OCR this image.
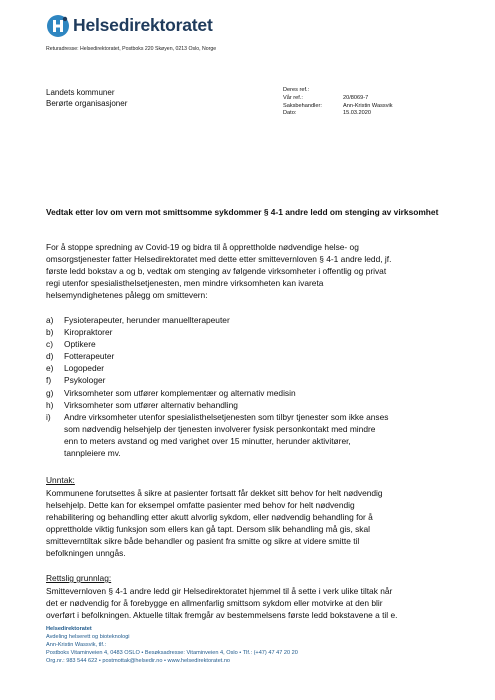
Helsedirektoratet
Returadresse: Helsedirektoratet, Postboks 220 Skøyen, 0213 Oslo, Norge
Landets kommuner
Berørte organisasjoner
Deres ref.:
Vår ref.:	20/8069-7
Saksbehandler:	Ann-Kristin Wassvik
Dato:	15.03.2020
Vedtak etter lov om vern mot smittsomme sykdommer § 4-1 andre ledd om stenging av virksomhet
For å stoppe spredning av Covid-19 og bidra til å opprettholde nødvendige helse- og
omsorgstjenester fatter Helsedirektoratet med dette etter smittevernloven § 4-1 andre ledd, jf.
første ledd bokstav a og b, vedtak om stenging av følgende virksomheter i offentlig og privat
regi utenfor spesialisthelsetjenesten, men mindre virksomheten kan ivareta
helsemyndighetenes pålegg om smittevern:
a)	Fysioterapeuter, herunder manuellterapeuter
b)	Kiropraktorer
c)	Optikere
d)	Fotterapeuter
e)	Logopeder
f)	Psykologer
g)	Virksomheter som utfører komplementær og alternativ medisin
h)	Virksomheter som utfører alternativ behandling
i)	Andre virksomheter utenfor spesialisthelsetjenesten som tilbyr tjenester som ikke anses
som nødvendig helsehjelp der tjenesten involverer fysisk personkontakt med mindre
enn to meters avstand og med varighet over 15 minutter, herunder aktivitører,
tannpleiere mv.
Unntak:
Kommunene forutsettes å sikre at pasienter fortsatt får dekket sitt behov for helt nødvendig
helsehjelp. Dette kan for eksempel omfatte pasienter med behov for helt nødvendig
rehabilitering og behandling etter akutt alvorlig sykdom, eller nødvendig behandling for å
opprettholde viktig funksjon som ellers kan gå tapt. Dersom slik behandling må gis, skal
smitteverntiltak sikre både behandler og pasient fra smitte og sikre at videre smitte til
befolkningen unngås.
Rettslig grunnlag:
Smittevernloven § 4-1 andre ledd gir Helsedirektoratet hjemmel til å sette i verk ulike tiltak når
det er nødvendig for å forebygge en allmenfarlig smittsom sykdom eller motvirke at den blir
overført i befolkningen. Aktuelle tiltak fremgår av bestemmelsens første ledd bokstavene a til e.
Helsedirektoratet
Avdeling helserett og bioteknologi
Ann-Kristin Wassvik, tlf.:
Postboks Vitaminveien 4, 0483 OSLO • Besøksadresse: Vitaminveien 4, Oslo • Tlf.: (+47) 47 47 20 20
Org.nr.: 983 544 622 • postmottak@helsedir.no • www.helsedirektoratet.no
